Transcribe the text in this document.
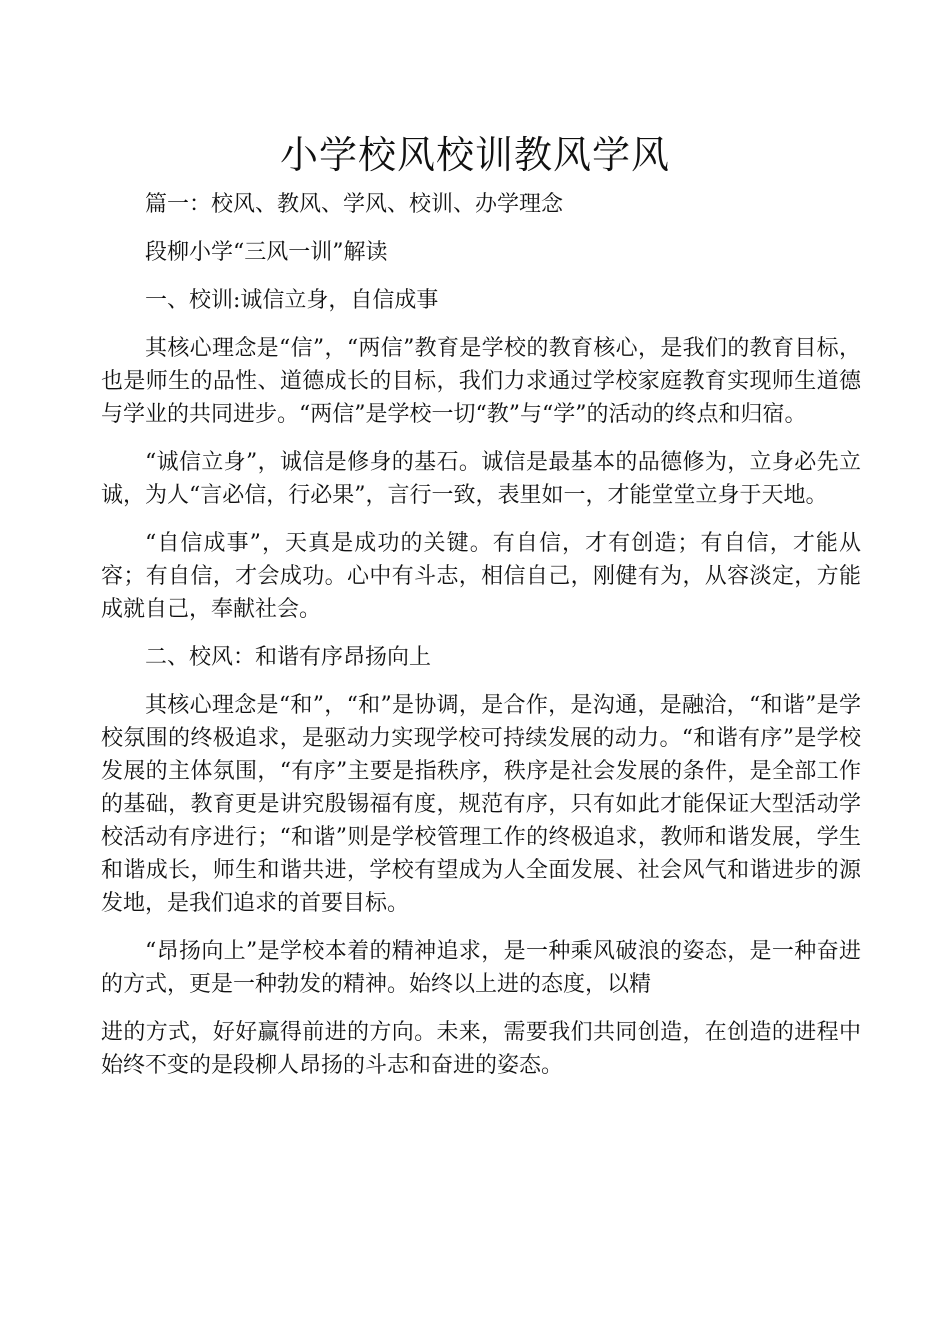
小学校风校训教风学风

篇一：校风、教风、学风、校训、办学理念

段柳小学“三风一训”解读

一、校训:诚信立身，自信成事

其核心理念是“信”，“两信”教育是学校的教育核心，是我们的教育目标，也是师生的品性、道德成长的目标，我们力求通过学校家庭教育实现师生道德与学业的共同进步。“两信”是学校一切“教”与“学”的活动的终点和归宿。

“诚信立身”，诚信是修身的基石。诚信是最基本的品德修为，立身必先立诚，为人“言必信，行必果”，言行一致，表里如一，才能堂堂立身于天地。

“自信成事”，天真是成功的关键。有自信，才有创造；有自信，才能从容；有自信，才会成功。心中有斗志，相信自己，刚健有为，从容淡定，方能成就自己，奉献社会。

二、校风：和谐有序昂扬向上

其核心理念是“和”，“和”是协调，是合作，是沟通，是融洽，“和谐”是学校氛围的终极追求，是驱动力实现学校可持续发展的动力。“和谐有序”是学校发展的主体氛围，“有序”主要是指秩序，秩序是社会发展的条件，是全部工作的基础，教育更是讲究殷锡福有度，规范有序，只有如此才能保证大型活动学校活动有序进行；“和谐”则是学校管理工作的终极追求，教师和谐发展，学生和谐成长，师生和谐共进，学校有望成为人全面发展、社会风气和谐进步的源发地，是我们追求的首要目标。

“昂扬向上”是学校本着的精神追求，是一种乘风破浪的姿态，是一种奋进的方式，更是一种勃发的精神。始终以上进的态度，以精

进的方式，好好赢得前进的方向。未来，需要我们共同创造，在创造的进程中始终不变的是段柳人昂扬的斗志和奋进的姿态。
